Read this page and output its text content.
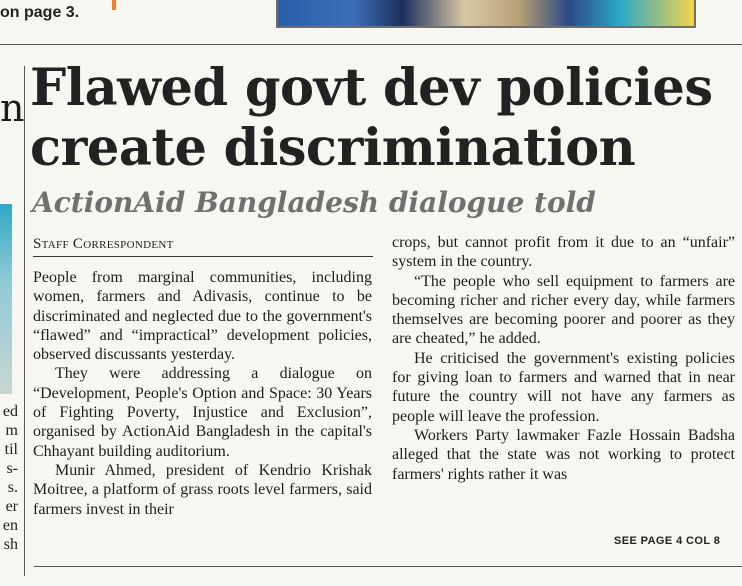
on page 3.
n
ed
m
til
s-
s.
er
en
sh
Flawed govt dev policies
create discrimination
ActionAid Bangladesh dialogue told
Staff Correspondent

People from marginal communities, including women, farmers and Adivasis, continue to be discriminated and neglected due to the government's “flawed” and “impractical” development policies, observed discussants yesterday.

They were addressing a dialogue on “Development, People's Option and Space: 30 Years of Fighting Poverty, Injustice and Exclusion”, organised by ActionAid Bangladesh in the capital's Chhayant building auditorium.

Munir Ahmed, president of Kendrio Krishak Moitree, a platform of grass roots level farmers, said farmers invest in their

crops, but cannot profit from it due to an “unfair” system in the country.

“The people who sell equipment to farmers are becoming richer and richer every day, while farmers themselves are becoming poorer and poorer as they are cheated,” he added.

He criticised the government's existing policies for giving loan to farmers and warned that in near future the country will not have any farmers as people will leave the profession.

Workers Party lawmaker Fazle Hossain Badsha alleged that the state was not working to protect farmers' rights rather it was

SEE PAGE 4 COL 8
